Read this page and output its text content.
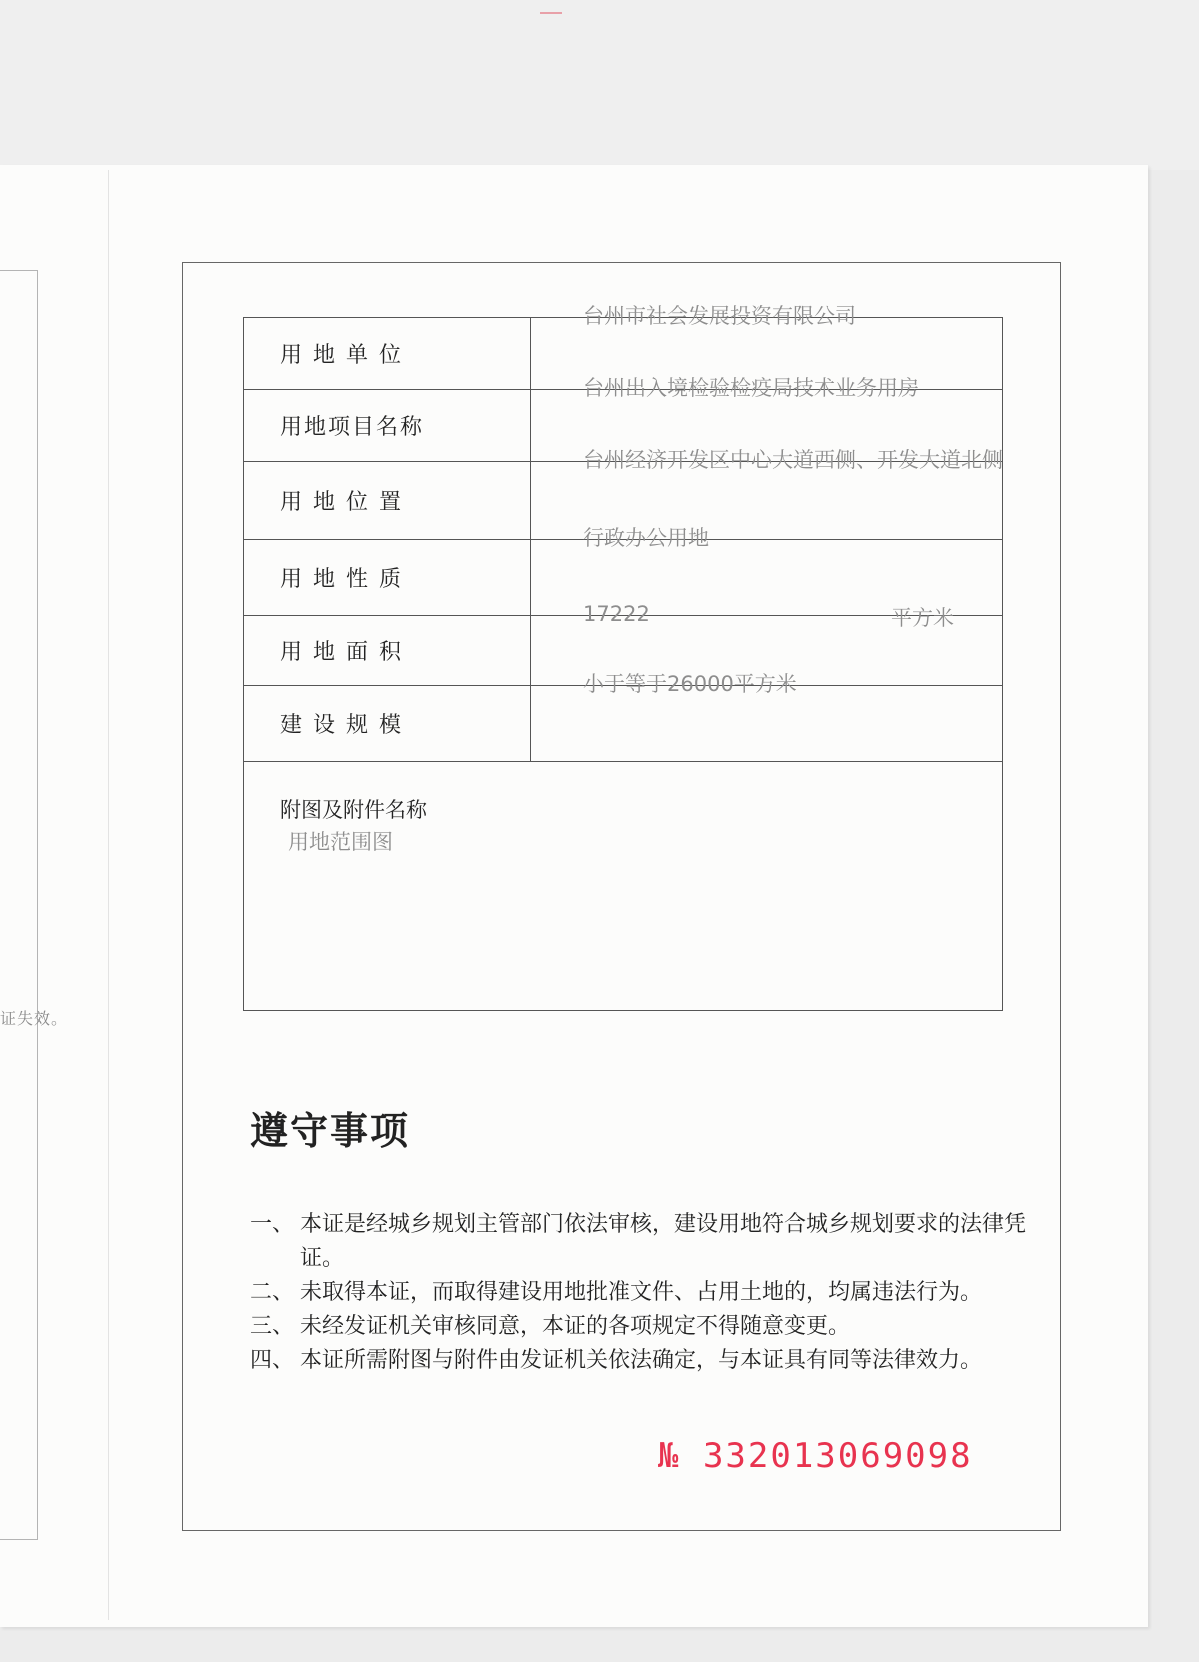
证失效。
用 地 单 位	台州市社会发展投资有限公司

用地项目名称	台州出入境检验检疫局技术业务用房

用 地 位 置	台州经济开发区中心大道西侧、开发大道北侧

用 地 性 质	行政办公用地

用 地 面 积	17222 平方米

建 设 规 模	小于等于26000平方米

附图及附件名称
用地范围图	
遵守事项
一、 本证是经城乡规划主管部门依法审核，建设用地符合城乡规划要求的法律凭证。
二、 未取得本证，而取得建设用地批准文件、占用土地的，均属违法行为。
三、 未经发证机关审核同意，本证的各项规定不得随意变更。
四、 本证所需附图与附件由发证机关依法确定，与本证具有同等法律效力。
№ 332013069098
